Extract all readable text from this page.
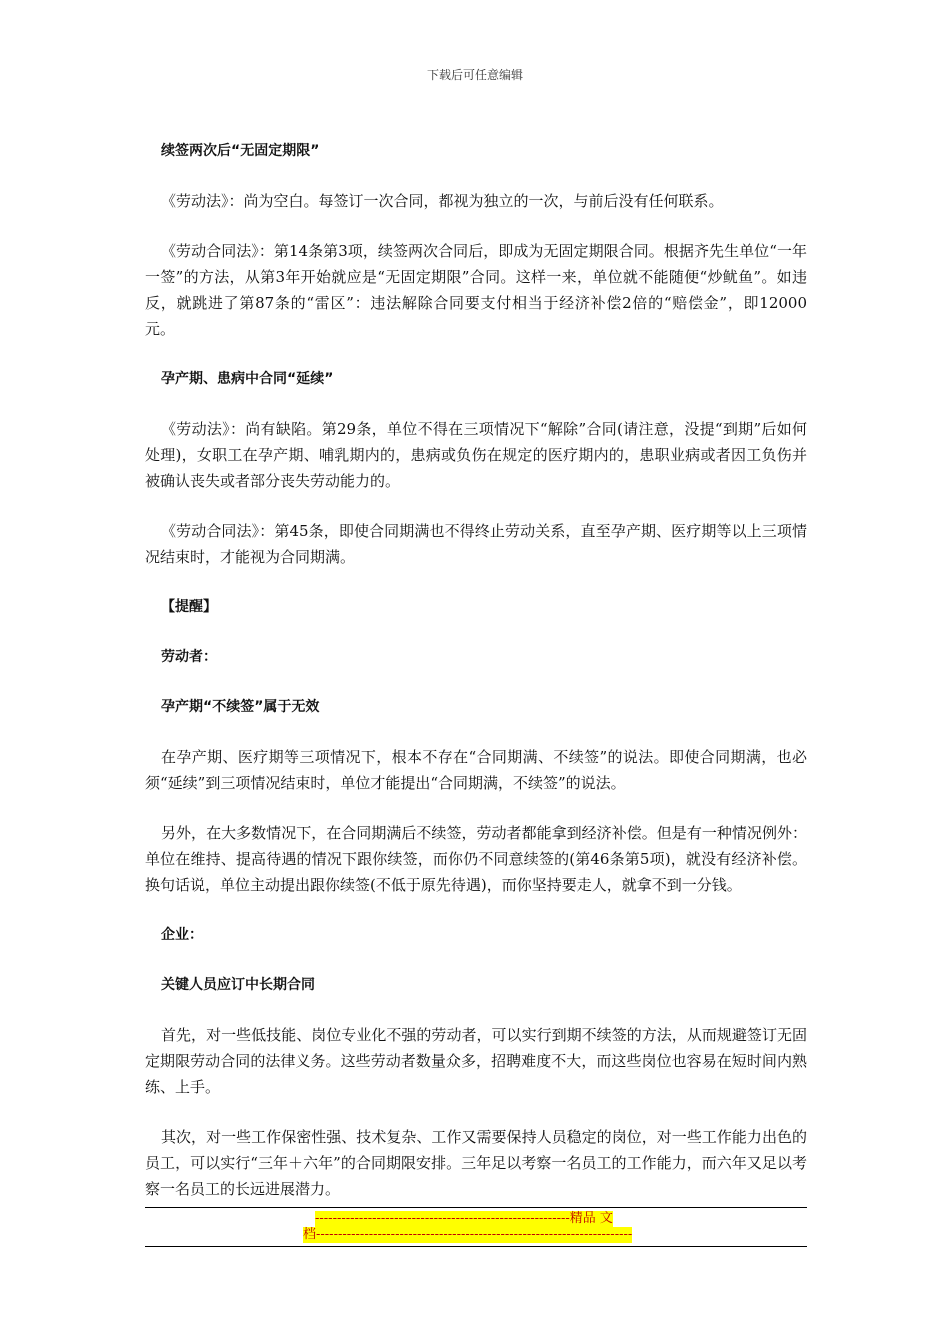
下载后可任意编辑
续签两次后“无固定期限”
《劳动法》：尚为空白。每签订一次合同，都视为独立的一次，与前后没有任何联系。
《劳动合同法》：第14条第3项，续签两次合同后，即成为无固定期限合同。根据齐先生单位“一年一签”的方法，从第3年开始就应是“无固定期限”合同。这样一来，单位就不能随便“炒鱿鱼”。如违反，就跳进了第87条的“雷区”：违法解除合同要支付相当于经济补偿2倍的“赔偿金”，即12000元。
孕产期、患病中合同“延续”
《劳动法》：尚有缺陷。第29条，单位不得在三项情况下“解除”合同(请注意，没提“到期”后如何处理)，女职工在孕产期、哺乳期内的，患病或负伤在规定的医疗期内的，患职业病或者因工负伤并被确认丧失或者部分丧失劳动能力的。
《劳动合同法》：第45条，即使合同期满也不得终止劳动关系，直至孕产期、医疗期等以上三项情况结束时，才能视为合同期满。
【提醒】
劳动者：
孕产期“不续签”属于无效
在孕产期、医疗期等三项情况下，根本不存在“合同期满、不续签”的说法。即使合同期满，也必须“延续”到三项情况结束时，单位才能提出“合同期满，不续签”的说法。
另外，在大多数情况下，在合同期满后不续签，劳动者都能拿到经济补偿。但是有一种情况例外：单位在维持、提高待遇的情况下跟你续签，而你仍不同意续签的(第46条第5项)，就没有经济补偿。换句话说，单位主动提出跟你续签(不低于原先待遇)，而你坚持要走人，就拿不到一分钱。
企业：
关键人员应订中长期合同
首先，对一些低技能、岗位专业化不强的劳动者，可以实行到期不续签的方法，从而规避签订无固定期限劳动合同的法律义务。这些劳动者数量众多，招聘难度不大，而这些岗位也容易在短时间内熟练、上手。
其次，对一些工作保密性强、技术复杂、工作又需要保持人员稳定的岗位，对一些工作能力出色的员工，可以实行“三年＋六年”的合同期限安排。三年足以考察一名员工的工作能力，而六年又足以考察一名员工的长远进展潜力。
----------------------------------------------------------精品 文
档------------------------------------------------------------------------
